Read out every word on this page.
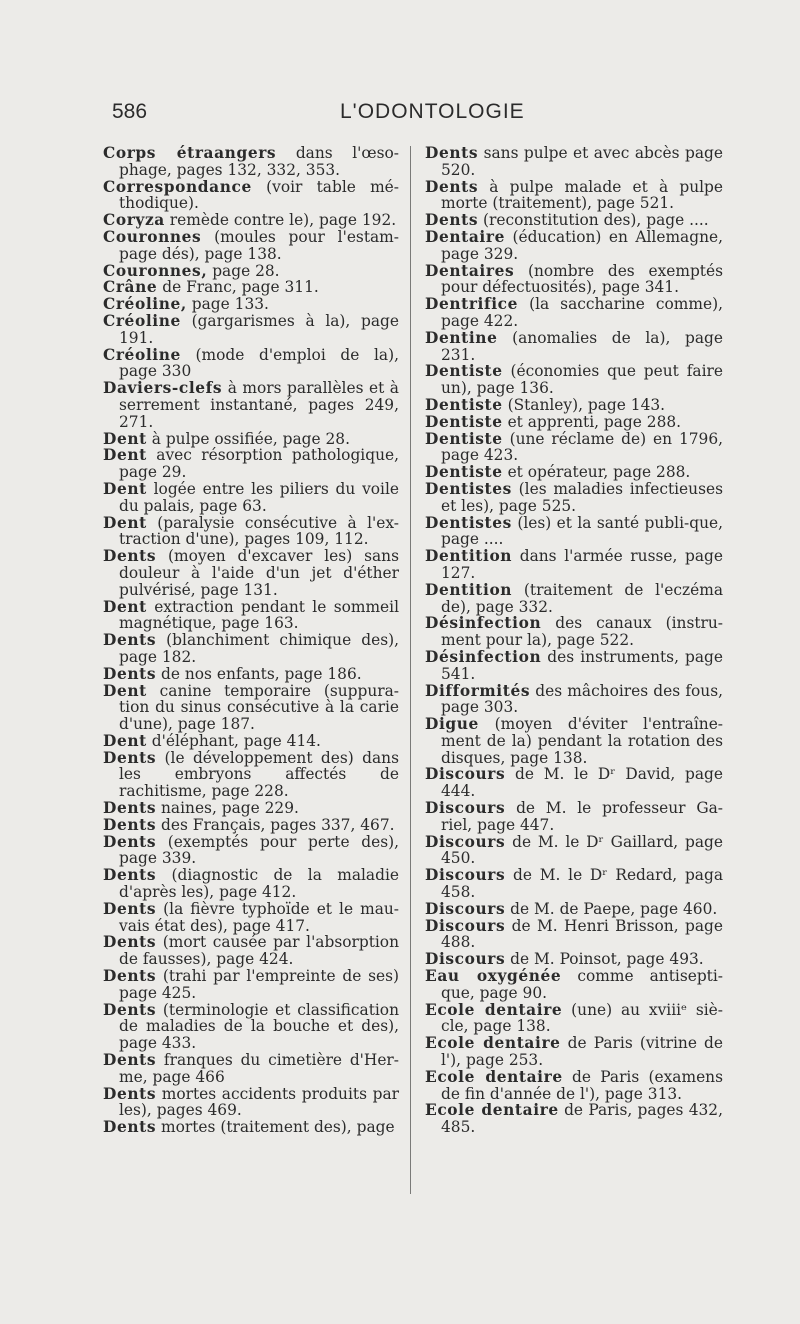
586	L'ODONTOLOGIE
Corps étraangers dans l'œso-phage, pages 132, 332, 353.
Correspondance (voir table mé-thodique).
Coryza remède contre le), page 192.
Couronnes (moules pour l'estam-page dés), page 138.
Couronnes, page 28.
Crâne de Franc, page 311.
Créoline, page 133.
Créoline (gargarismes à la), page 191.
Créoline (mode d'emploi de la), page 330
Daviers-clefs à mors parallèles et à serrement instantané, pages 249, 271.
Dent à pulpe ossifiée, page 28.
Dent avec résorption pathologique, page 29.
Dent logée entre les piliers du voile du palais, page 63.
Dent (paralysie consécutive à l'ex-traction d'une), pages 109, 112.
Dents (moyen d'excaver les) sans douleur à l'aide d'un jet d'éther pulvérisé, page 131.
Dent extraction pendant le sommeil magnétique, page 163.
Dents (blanchiment chimique des), page 182.
Dents de nos enfants, page 186.
Dent canine temporaire (suppura-tion du sinus consécutive à la carie d'une), page 187.
Dent d'éléphant, page 414.
Dents (le développement des) dans les embryons affectés de rachitisme, page 228.
Dents naines, page 229.
Dents des Français, pages 337, 467.
Dents (exemptés pour perte des), page 339.
Dents (diagnostic de la maladie d'après les), page 412.
Dents (la fièvre typhoïde et le mau-vais état des), page 417.
Dents (mort causée par l'absorption de fausses), page 424.
Dents (trahi par l'empreinte de ses) page 425.
Dents (terminologie et classification de maladies de la bouche et des), page 433.
Dents franques du cimetière d'Her-me, page 466
Dents mortes accidents produits par les), pages 469.
Dents mortes (traitement des), page
Dents sans pulpe et avec abcès page 520.
Dents à pulpe malade et à pulpe morte (traitement), page 521.
Dents (reconstitution des), page ....
Dentaire (éducation) en Allemagne, page 329.
Dentaires (nombre des exemptés pour défectuosités), page 341.
Dentrifice (la saccharine comme), page 422.
Dentine (anomalies de la), page 231.
Dentiste (économies que peut faire un), page 136.
Dentiste (Stanley), page 143.
Dentiste et apprenti, page 288.
Dentiste (une réclame de) en 1796, page 423.
Dentiste et opérateur, page 288.
Dentistes (les maladies infectieuses et les), page 525.
Dentistes (les) et la santé publi-que, page ....
Dentition dans l'armée russe, page 127.
Dentition (traitement de l'eczéma de), page 332.
Désinfection des canaux (instru-ment pour la), page 522.
Désinfection des instruments, page 541.
Difformités des mâchoires des fous, page 303.
Digue (moyen d'éviter l'entraîne-ment de la) pendant la rotation des disques, page 138.
Discours de M. le Dʳ David, page 444.
Discours de M. le professeur Ga-riel, page 447.
Discours de M. le Dʳ Gaillard, page 450.
Discours de M. le Dʳ Redard, paga 458.
Discours de M. de Paepe, page 460.
Discours de M. Henri Brisson, page 488.
Discours de M. Poinsot, page 493.
Eau oxygénée comme antisepti-que, page 90.
Ecole dentaire (une) au xviiiᵉ siè-cle, page 138.
Ecole dentaire de Paris (vitrine de l'), page 253.
Ecole dentaire de Paris (examens de fin d'année de l'), page 313.
Ecole dentaire de Paris, pages 432, 485.
